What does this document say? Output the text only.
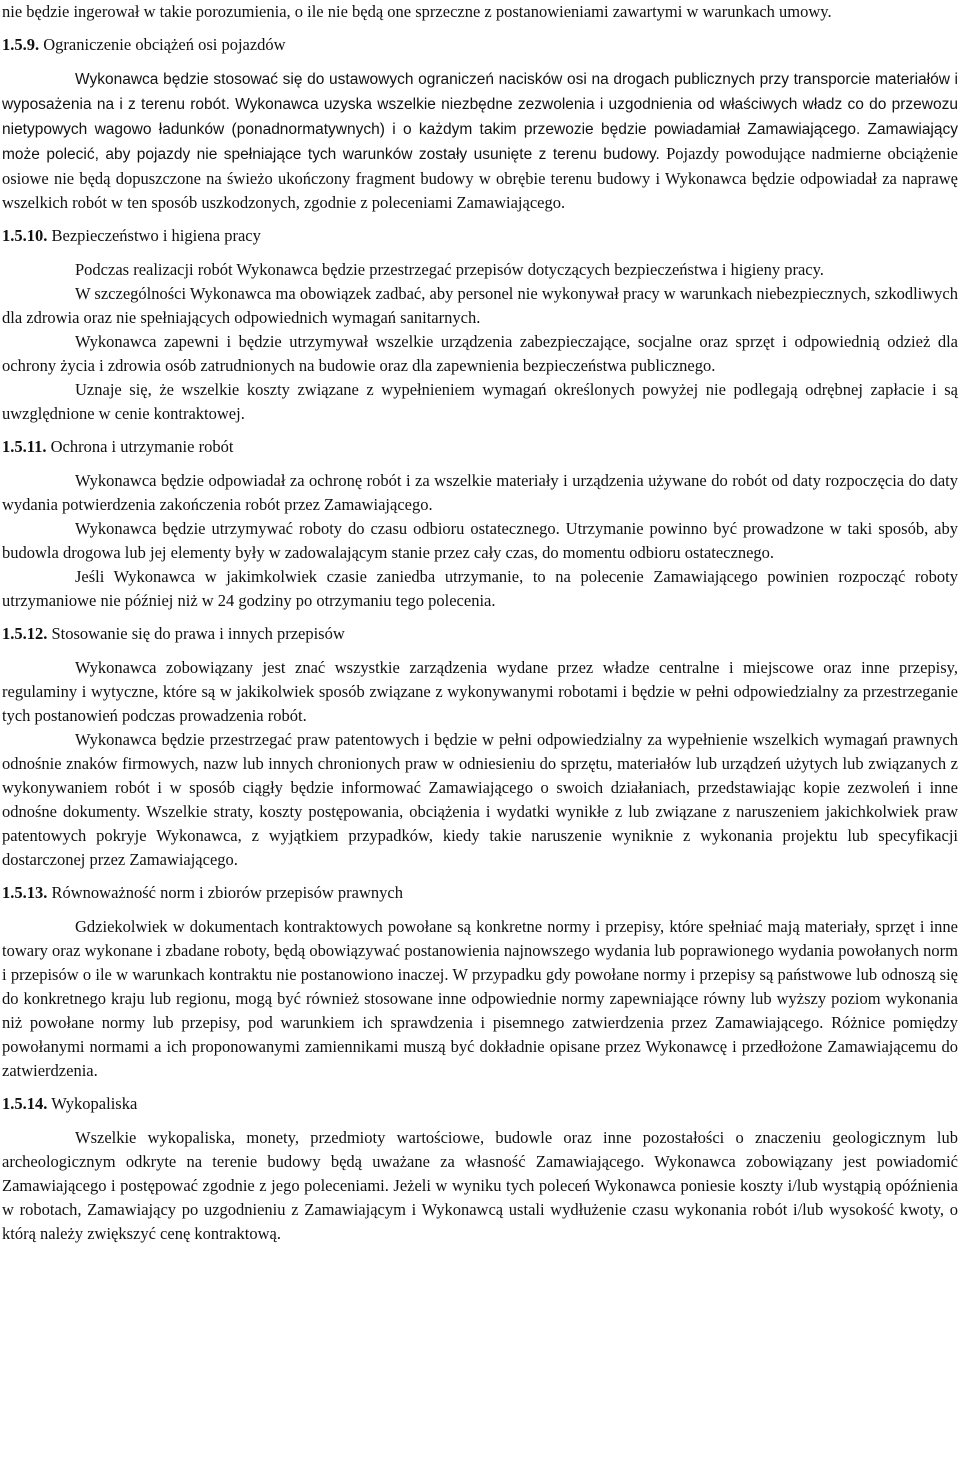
nie będzie ingerował w takie porozumienia, o ile nie będą one sprzeczne z postanowieniami zawartymi w warunkach umowy.

1.5.9. Ograniczenie obciążeń osi pojazdów

Wykonawca będzie stosować się do ustawowych ograniczeń nacisków osi na drogach publicznych przy transporcie materiałów i wyposażenia na i z terenu robót. Wykonawca uzyska wszelkie niezbędne zezwolenia i uzgodnienia od właściwych władz co do przewozu nietypowych wagowo ładunków (ponadnormatywnych) i o każdym takim przewozie będzie powiadamiał Zamawiającego. Zamawiający może polecić, aby pojazdy nie spełniające tych warunków zostały usunięte z terenu budowy. Pojazdy powodujące nadmierne obciążenie osiowe nie będą dopuszczone na świeżo ukończony fragment budowy w obrębie terenu budowy i Wykonawca będzie odpowiadał za naprawę wszelkich robót w ten sposób uszkodzonych, zgodnie z poleceniami Zamawiającego.

1.5.10. Bezpieczeństwo i higiena pracy

Podczas realizacji robót Wykonawca będzie przestrzegać przepisów dotyczących bezpieczeństwa i higieny pracy.

W szczególności Wykonawca ma obowiązek zadbać, aby personel nie wykonywał pracy w warunkach niebezpiecznych, szkodliwych dla zdrowia oraz nie spełniających odpowiednich wymagań sanitarnych.

Wykonawca zapewni i będzie utrzymywał wszelkie urządzenia zabezpieczające, socjalne oraz sprzęt i odpowiednią odzież dla ochrony życia i zdrowia osób zatrudnionych na budowie oraz dla zapewnienia bezpieczeństwa publicznego.

Uznaje się, że wszelkie koszty związane z wypełnieniem wymagań określonych powyżej nie podlegają odrębnej zapłacie i są uwzględnione w cenie kontraktowej.

1.5.11. Ochrona i utrzymanie robót

Wykonawca będzie odpowiadał za ochronę robót i za wszelkie materiały i urządzenia używane do robót od daty rozpoczęcia do daty wydania potwierdzenia zakończenia robót przez Zamawiającego.

Wykonawca będzie utrzymywać roboty do czasu odbioru ostatecznego. Utrzymanie powinno być prowadzone w taki sposób, aby budowla drogowa lub jej elementy były w zadowalającym stanie przez cały czas, do momentu odbioru ostatecznego.

Jeśli Wykonawca w jakimkolwiek czasie zaniedba utrzymanie, to na polecenie Zamawiającego powinien rozpocząć roboty utrzymaniowe nie później niż w 24 godziny po otrzymaniu tego polecenia.

1.5.12. Stosowanie się do prawa i innych przepisów

Wykonawca zobowiązany jest znać wszystkie zarządzenia wydane przez władze centralne i miejscowe oraz inne przepisy, regulaminy i wytyczne, które są w jakikolwiek sposób związane z wykonywanymi robotami i będzie w pełni odpowiedzialny za przestrzeganie tych postanowień podczas prowadzenia robót.

Wykonawca będzie przestrzegać praw patentowych i będzie w pełni odpowiedzialny za wypełnienie wszelkich wymagań prawnych odnośnie znaków firmowych, nazw lub innych chronionych praw w odniesieniu do sprzętu, materiałów lub urządzeń użytych lub związanych z wykonywaniem robót i w sposób ciągły będzie informować Zamawiającego o swoich działaniach, przedstawiając kopie zezwoleń i inne odnośne dokumenty. Wszelkie straty, koszty postępowania, obciążenia i wydatki wynikłe z lub związane z naruszeniem jakichkolwiek praw patentowych pokryje Wykonawca, z wyjątkiem przypadków, kiedy takie naruszenie wyniknie z wykonania projektu lub specyfikacji dostarczonej przez Zamawiającego.

1.5.13. Równoważność norm i zbiorów przepisów prawnych

Gdziekolwiek w dokumentach kontraktowych powołane są konkretne normy i przepisy, które spełniać mają materiały, sprzęt i inne towary oraz wykonane i zbadane roboty, będą obowiązywać postanowienia najnowszego wydania lub poprawionego wydania powołanych norm i przepisów o ile w warunkach kontraktu nie postanowiono inaczej. W przypadku gdy powołane normy i przepisy są państwowe lub odnoszą się do konkretnego kraju lub regionu, mogą być również stosowane inne odpowiednie normy zapewniające równy lub wyższy poziom wykonania niż powołane normy lub przepisy, pod warunkiem ich sprawdzenia i pisemnego zatwierdzenia przez Zamawiającego. Różnice pomiędzy powołanymi normami a ich proponowanymi zamiennikami muszą być dokładnie opisane przez Wykonawcę i przedłożone Zamawiającemu do zatwierdzenia.

1.5.14. Wykopaliska

Wszelkie wykopaliska, monety, przedmioty wartościowe, budowle oraz inne pozostałości o znaczeniu geologicznym lub archeologicznym odkryte na terenie budowy będą uważane za własność Zamawiającego. Wykonawca zobowiązany jest powiadomić Zamawiającego i postępować zgodnie z jego poleceniami. Jeżeli w wyniku tych poleceń Wykonawca poniesie koszty i/lub wystąpią opóźnienia w robotach, Zamawiający po uzgodnieniu z Zamawiającym i Wykonawcą ustali wydłużenie czasu wykonania robót i/lub wysokość kwoty, o którą należy zwiększyć cenę kontraktową.
